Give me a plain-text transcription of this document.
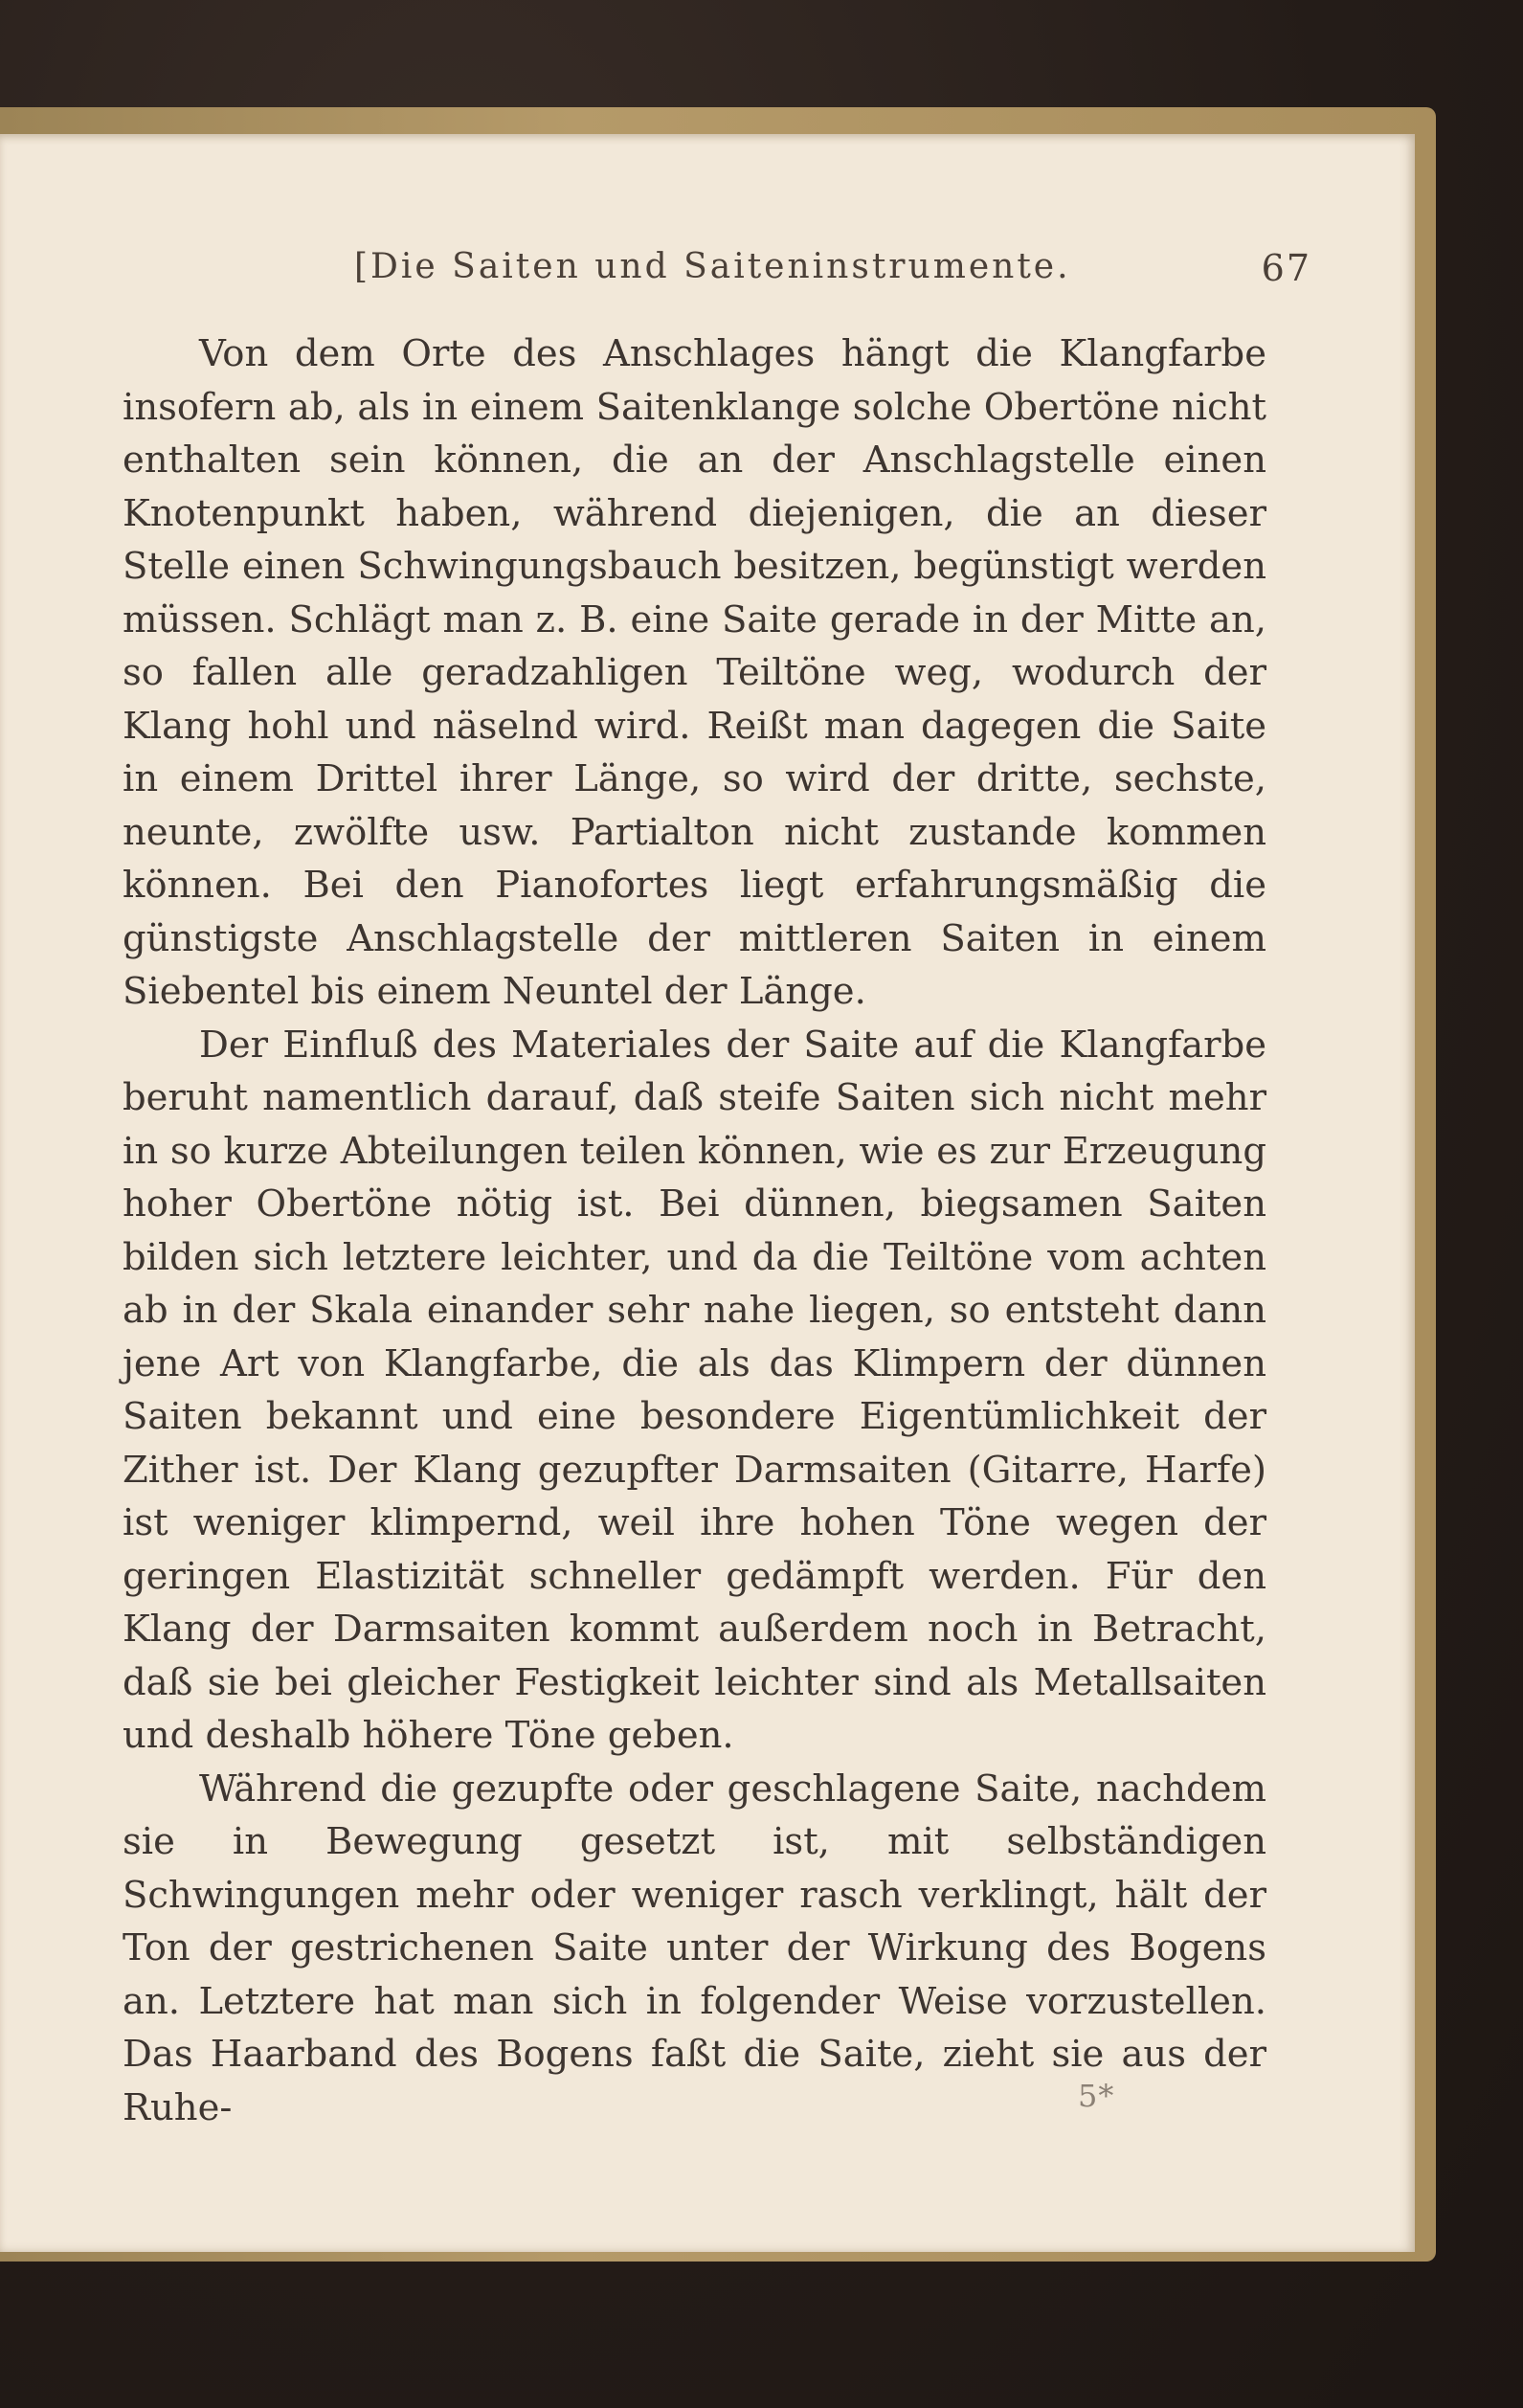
[Die Saiten und Saiteninstrumente.	67

Von dem Orte des Anschlages hängt die Klangfarbe insofern ab, als in einem Saitenklange solche Obertöne nicht enthalten sein können, die an der Anschlagstelle einen Knotenpunkt haben, während diejenigen, die an dieser Stelle einen Schwingungsbauch besitzen, begünstigt werden müssen. Schlägt man z. B. eine Saite gerade in der Mitte an, so fallen alle geradzahligen Teiltöne weg, wodurch der Klang hohl und näselnd wird. Reißt man dagegen die Saite in einem Drittel ihrer Länge, so wird der dritte, sechste, neunte, zwölfte usw. Partialton nicht zustande kommen können. Bei den Pianofortes liegt erfahrungsmäßig die günstigste Anschlagstelle der mittleren Saiten in einem Siebentel bis einem Neuntel der Länge.

Der Einfluß des Materiales der Saite auf die Klangfarbe beruht namentlich darauf, daß steife Saiten sich nicht mehr in so kurze Abteilungen teilen können, wie es zur Erzeugung hoher Obertöne nötig ist. Bei dünnen, biegsamen Saiten bilden sich letztere leichter, und da die Teiltöne vom achten ab in der Skala einander sehr nahe liegen, so entsteht dann jene Art von Klangfarbe, die als das Klimpern der dünnen Saiten bekannt und eine besondere Eigentümlichkeit der Zither ist. Der Klang gezupfter Darmsaiten (Gitarre, Harfe) ist weniger klimpernd, weil ihre hohen Töne wegen der geringen Elastizität schneller gedämpft werden. Für den Klang der Darmsaiten kommt außerdem noch in Betracht, daß sie bei gleicher Festigkeit leichter sind als Metallsaiten und deshalb höhere Töne geben.

Während die gezupfte oder geschlagene Saite, nachdem sie in Bewegung gesetzt ist, mit selbständigen Schwingungen mehr oder weniger rasch verklingt, hält der Ton der gestrichenen Saite unter der Wirkung des Bogens an. Letztere hat man sich in folgender Weise vorzustellen. Das Haarband des Bogens faßt die Saite, zieht sie aus der Ruhe-	5*
